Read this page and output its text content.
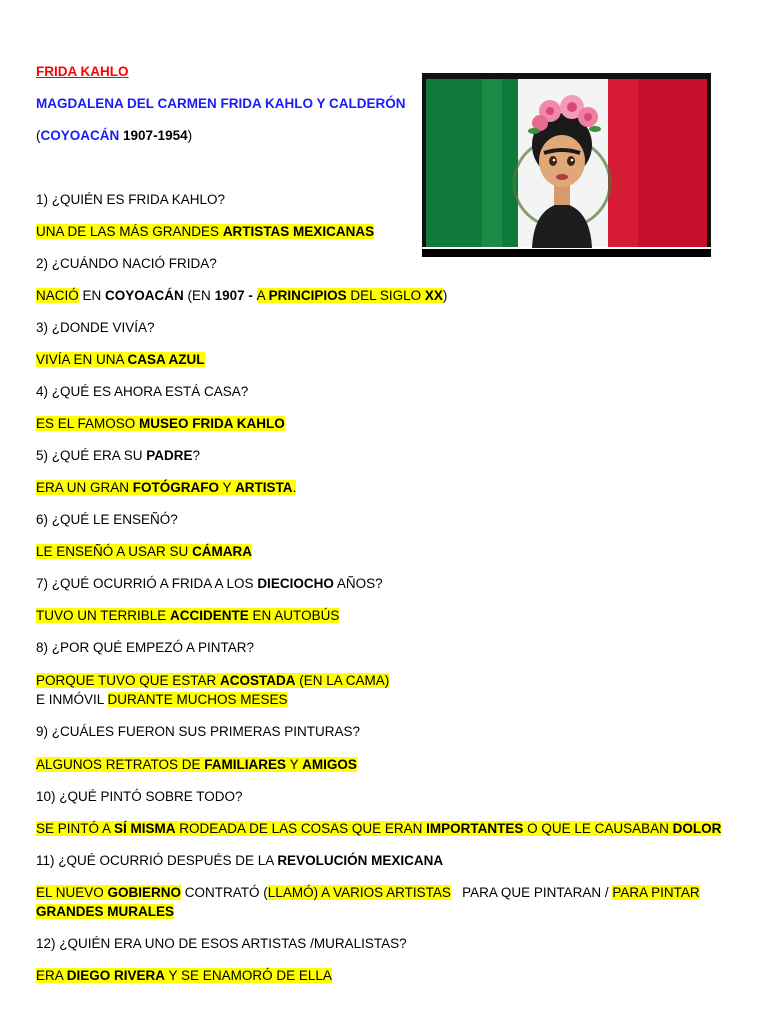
FRIDA KAHLO
MAGDALENA DEL CARMEN FRIDA KAHLO Y CALDERÓN
(COYOACÁN 1907-1954)
1) ¿QUIÉN ES FRIDA KAHLO?
UNA DE LAS MÁS GRANDES ARTISTAS MEXICANAS
2) ¿CUÁNDO NACIÓ FRIDA?
NACIÓ EN COYOACÁN (EN 1907 - A PRINCIPIOS DEL SIGLO XX)
3) ¿DONDE VIVÍA?
VIVÍA EN UNA CASA AZUL
4) ¿QUÉ ES AHORA ESTÁ CASA?
ES EL FAMOSO MUSEO FRIDA KAHLO
5) ¿QUÉ ERA SU PADRE?
ERA UN GRAN FOTÓGRAFO Y ARTISTA.
6) ¿QUÉ LE ENSEÑÓ?
LE ENSEÑÓ A USAR SU CÁMARA
7) ¿QUÉ OCURRIÓ A FRIDA A LOS DIECIOCHO AÑOS?
TUVO UN TERRIBLE ACCIDENTE EN AUTOBÚS
8) ¿POR QUÉ EMPEZÓ A PINTAR?
PORQUE TUVO QUE ESTAR ACOSTADA (EN LA CAMA)
E INMÓVIL DURANTE MUCHOS MESES
9) ¿CUÁLES FUERON SUS PRIMERAS PINTURAS?
ALGUNOS RETRATOS DE FAMILIARES Y AMIGOS
10) ¿QUÉ PINTÓ SOBRE TODO?
SE PINTÓ A SÍ MISMA RODEADA DE LAS COSAS QUE ERAN IMPORTANTES O QUE LE CAUSABAN DOLOR
11) ¿QUÉ OCURRIÓ DESPUÉS DE LA REVOLUCIÓN MEXICANA
EL NUEVO GOBIERNO CONTRATÓ (LLAMÓ) A VARIOS ARTISTAS   PARA QUE PINTARAN / PARA PINTAR
GRANDES MURALES
12) ¿QUIÉN ERA UNO DE ESOS ARTISTAS /MURALISTAS?
ERA DIEGO RIVERA Y SE ENAMORÓ DE ELLA
